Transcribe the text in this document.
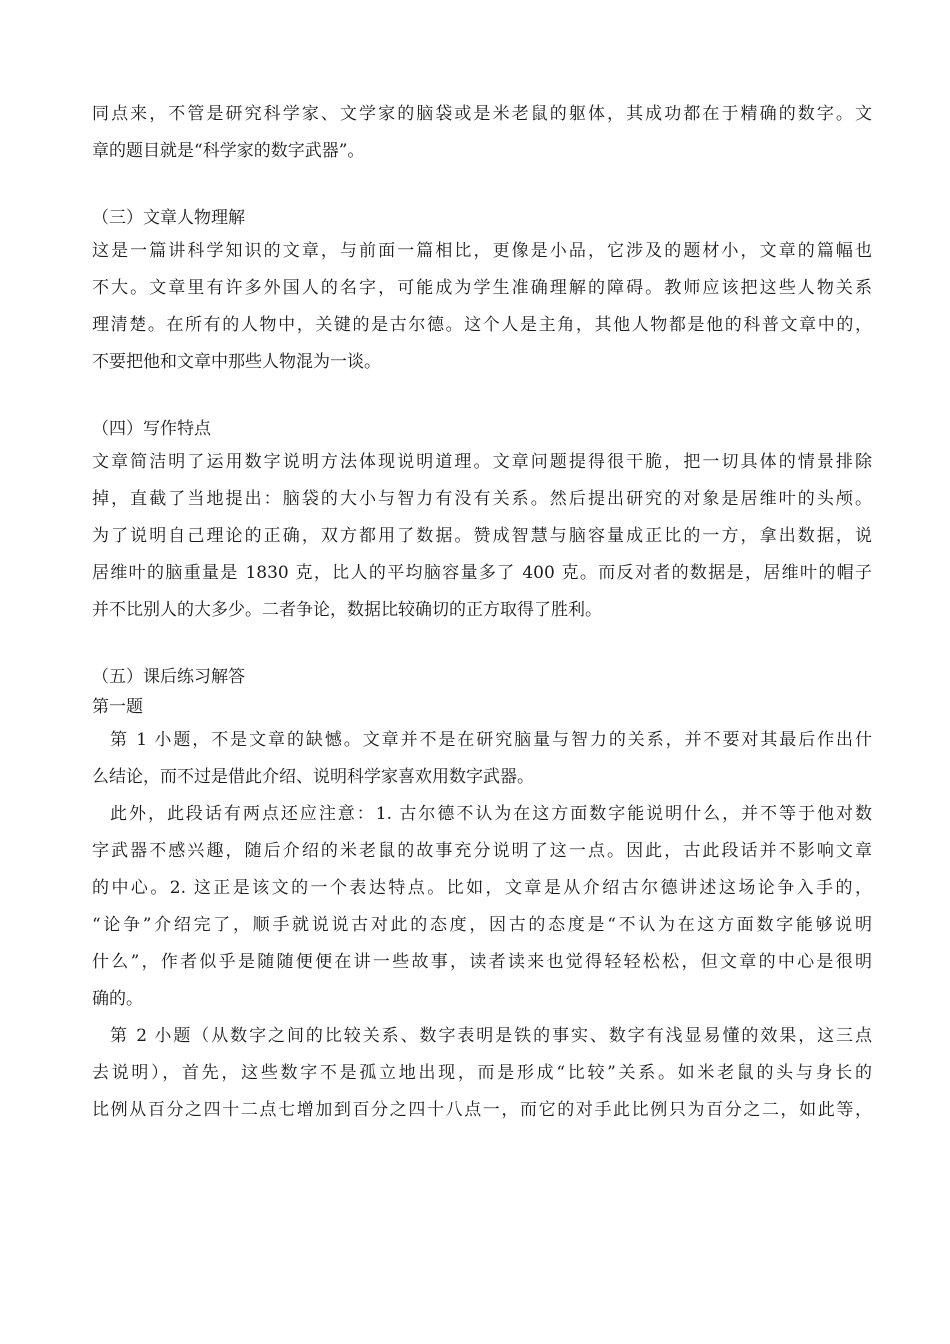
同点来，不管是研究科学家、文学家的脑袋或是米老鼠的躯体，其成功都在于精确的数字。文

章的题目就是“科学家的数字武器”。

（三）文章人物理解

这是一篇讲科学知识的文章，与前面一篇相比，更像是小品，它涉及的题材小，文章的篇幅也

不大。文章里有许多外国人的名字，可能成为学生准确理解的障碍。教师应该把这些人物关系

理清楚。在所有的人物中，关键的是古尔德。这个人是主角，其他人物都是他的科普文章中的，

不要把他和文章中那些人物混为一谈。

（四）写作特点

文章简洁明了运用数字说明方法体现说明道理。文章问题提得很干脆，把一切具体的情景排除

掉，直截了当地提出：脑袋的大小与智力有没有关系。然后提出研究的对象是居维叶的头颅。

为了说明自己理论的正确，双方都用了数据。赞成智慧与脑容量成正比的一方，拿出数据，说

居维叶的脑重量是 1830 克，比人的平均脑容量多了 400 克。而反对者的数据是，居维叶的帽子

并不比别人的大多少。二者争论，数据比较确切的正方取得了胜利。

（五）课后练习解答

第一题

第 1 小题，不是文章的缺憾。文章并不是在研究脑量与智力的关系，并不要对其最后作出什

么结论，而不过是借此介绍、说明科学家喜欢用数字武器。

此外，此段话有两点还应注意：1. 古尔德不认为在这方面数字能说明什么，并不等于他对数

字武器不感兴趣，随后介绍的米老鼠的故事充分说明了这一点。因此，古此段话并不影响文章

的中心。2. 这正是该文的一个表达特点。比如，文章是从介绍古尔德讲述这场论争入手的，

“论争”介绍完了，顺手就说说古对此的态度，因古的态度是“不认为在这方面数字能够说明

什么”，作者似乎是随随便便在讲一些故事，读者读来也觉得轻轻松松，但文章的中心是很明

确的。

第 2 小题（从数字之间的比较关系、数字表明是铁的事实、数字有浅显易懂的效果，这三点

去说明），首先，这些数字不是孤立地出现，而是形成“比较”关系。如米老鼠的头与身长的

比例从百分之四十二点七增加到百分之四十八点一，而它的对手此比例只为百分之二，如此等，
